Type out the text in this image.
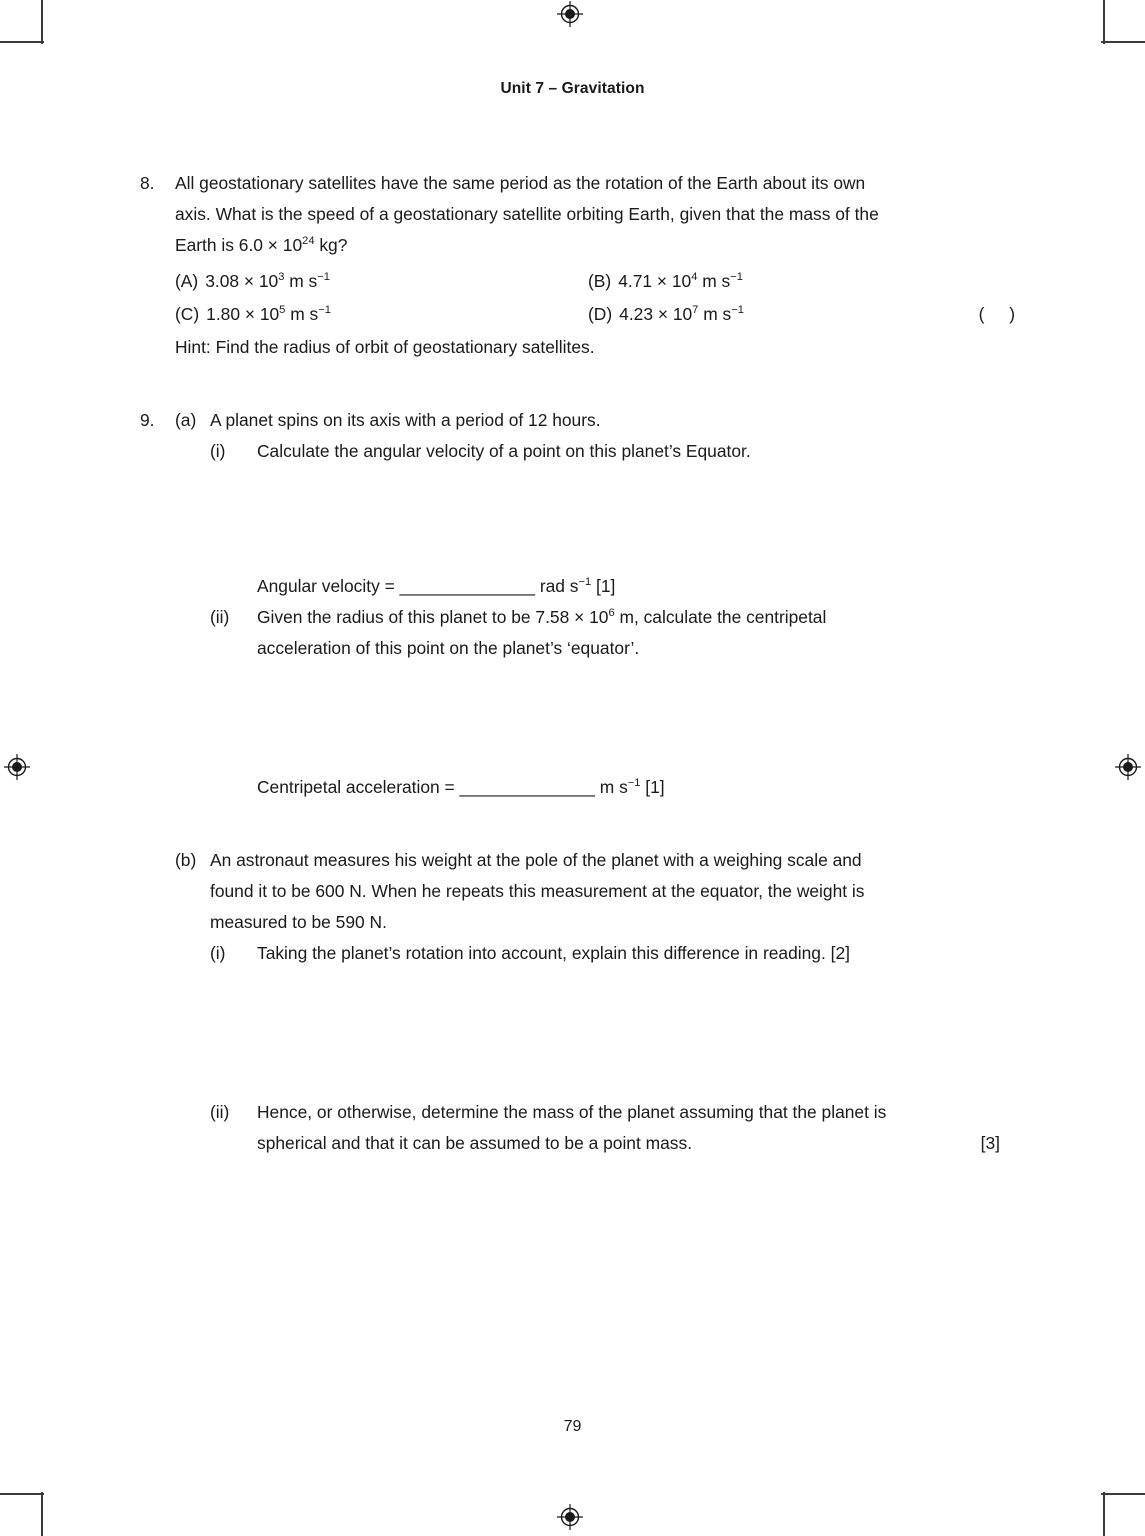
Unit 7 – Gravitation
8.	All geostationary satellites have the same period as the rotation of the Earth about its own

axis. What is the speed of a geostationary satellite orbiting Earth, given that the mass of the

Earth is $6.0 \times 10^{24}$ kg?

(A) $3.08 \times 10^3$ m $s^{-1}$	(B) $4.71 \times 10^4$ m $s^{-1}$
(C) $1.80 \times 10^5$ m $s^{-1}$	(D) $4.23 \times 10^7$ m $s^{-1}$	( )
Hint: Find the radius of orbit of geostationary satellites.
9.	(a) A planet spins on its axis with a period of 12 hours.

(i)	Calculate the angular velocity of a point on this planet’s Equator.

Angular velocity = ______________ rad $s^{-1}$ [1]

(ii)	Given the radius of this planet to be $7.58 \times 10^6$ m, calculate the centripetal

acceleration of this point on the planet’s ‘equator’.

Centripetal acceleration = ______________ m $s^{-1}$ [1]

(b) An astronaut measures his weight at the pole of the planet with a weighing scale and

found it to be 600 N. When he repeats this measurement at the equator, the weight is

measured to be 590 N.

(i)	Taking the planet’s rotation into account, explain this difference in reading. [2]

(ii)	Hence, or otherwise, determine the mass of the planet assuming that the planet is

spherical and that it can be assumed to be a point mass.	[3]

79
